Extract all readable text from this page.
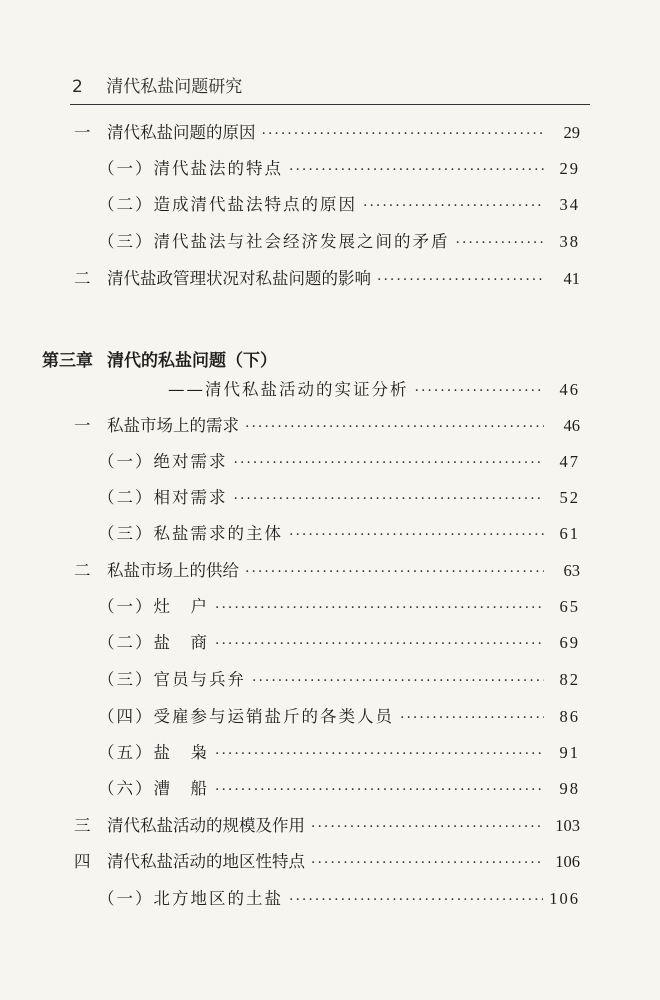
2 清代私盐问题研究
一　 清代私盐问题的原因 ·····	29
（一）清代盐法的特点 ·····	29
（二）造成清代盐法特点的原因 ·····	34
（三）清代盐法与社会经济发展之间的矛盾 ·····	38
二　 清代盐政管理状况对私盐问题的影响 ·····	41
第三章 清代的私盐问题（下）
——清代私盐活动的实证分析 ·····	46
一　 私盐市场上的需求 ·····	46
（一）绝对需求 ·····	47
（二）相对需求 ·····	52
（三）私盐需求的主体 ·····	61
二　 私盐市场上的供给 ·····	63
（一）灶　户 ·····	65
（二）盐　商 ·····	69
（三）官员与兵弁 ·····	82
（四）受雇参与运销盐斤的各类人员 ·····	86
（五）盐　枭 ·····	91
（六）漕　船 ·····	98
三　 清代私盐活动的规模及作用 ·····	103
四　 清代私盐活动的地区性特点 ·····	106
（一）北方地区的土盐 ·····	106
